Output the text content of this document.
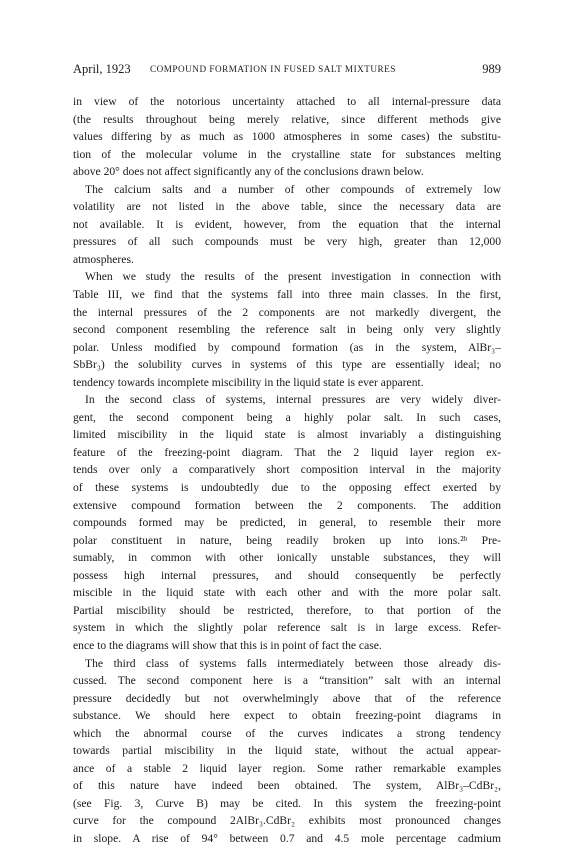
April, 1923 COMPOUND FORMATION IN FUSED SALT MIXTURES	989
in view of the notorious uncertainty attached to all internal-pressure data
(the results throughout being merely relative, since different methods give
values differing by as much as 1000 atmospheres in some cases) the substitu-
tion of the molecular volume in the crystalline state for substances melting
above 20° does not affect significantly any of the conclusions drawn below.
The calcium salts and a number of other compounds of extremely low
volatility are not listed in the above table, since the necessary data are
not available. It is evident, however, from the equation that the internal
pressures of all such compounds must be very high, greater than 12,000
atmospheres.
When we study the results of the present investigation in connection with
Table III, we find that the systems fall into three main classes. In the first,
the internal pressures of the 2 components are not markedly divergent, the
second component resembling the reference salt in being only very slightly
polar. Unless modified by compound formation (as in the system, AlBr₃–
SbBr₃) the solubility curves in systems of this type are essentially ideal; no
tendency towards incomplete miscibility in the liquid state is ever apparent.
In the second class of systems, internal pressures are very widely diver-
gent, the second component being a highly polar salt. In such cases,
limited miscibility in the liquid state is almost invariably a distinguishing
feature of the freezing-point diagram. That the 2 liquid layer region ex-
tends over only a comparatively short composition interval in the majority
of these systems is undoubtedly due to the opposing effect exerted by
extensive compound formation between the 2 components. The addition
compounds formed may be predicted, in general, to resemble their more
polar constituent in nature, being readily broken up into ions.²ᵇ Pre-
sumably, in common with other ionically unstable substances, they will
possess high internal pressures, and should consequently be perfectly
miscible in the liquid state with each other and with the more polar salt.
Partial miscibility should be restricted, therefore, to that portion of the
system in which the slightly polar reference salt is in large excess. Refer-
ence to the diagrams will show that this is in point of fact the case.
The third class of systems falls intermediately between those already dis-
cussed. The second component here is a “transition” salt with an internal
pressure decidedly but not overwhelmingly above that of the reference
substance. We should here expect to obtain freezing-point diagrams in
which the abnormal course of the curves indicates a strong tendency
towards partial miscibility in the liquid state, without the actual appear-
ance of a stable 2 liquid layer region. Some rather remarkable examples
of this nature have indeed been obtained. The system, AlBr₃–CdBr₂,
(see Fig. 3, Curve B) may be cited. In this system the freezing-point
curve for the compound 2AlBr₃.CdBr₂ exhibits most pronounced changes
in slope. A rise of 94° between 0.7 and 4.5 mole percentage cadmium
